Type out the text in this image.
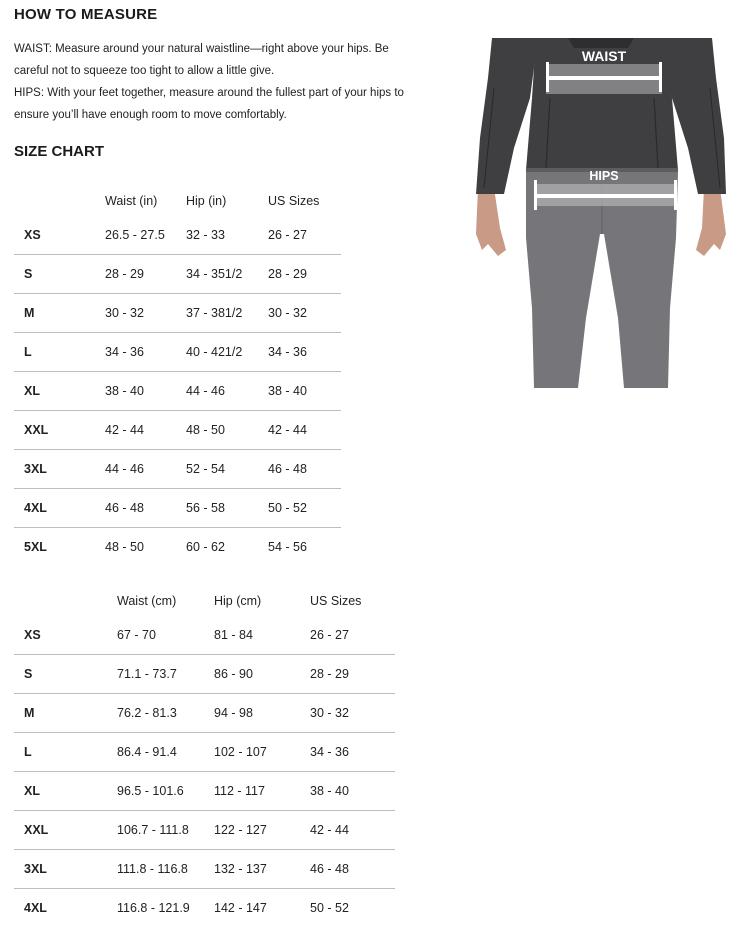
HOW TO MEASURE

WAIST: Measure around your natural waistline—right above your hips. Be careful not to squeeze too tight to allow a little give.

HIPS: With your feet together, measure around the fullest part of your hips to ensure you’ll have enough room to move comfortably.

SIZE CHART
	Waist (in)	Hip (in)	US Sizes
XS	26.5 - 27.5	32 - 33	26 - 27
S	28 - 29	34 - 351/2	28 - 29
M	30 - 32	37 - 381/2	30 - 32
L	34 - 36	40 - 421/2	34 - 36
XL	38 - 40	44 - 46	38 - 40
XXL	42 - 44	48 - 50	42 - 44
3XL	44 - 46	52 - 54	46 - 48
4XL	46 - 48	56 - 58	50 - 52
5XL	48 - 50	60 - 62	54 - 56
	Waist (cm)	Hip (cm)	US Sizes
XS	67 - 70	81 - 84	26 - 27
S	71.1 - 73.7	86 - 90	28 - 29
M	76.2 - 81.3	94 - 98	30 - 32
L	86.4 - 91.4	102 - 107	34 - 36
XL	96.5 - 101.6	112 - 117	38 - 40
XXL	106.7 - 111.8	122 - 127	42 - 44
3XL	111.8 - 116.8	132 - 137	46 - 48
4XL	116.8 - 121.9	142 - 147	50 - 52
WAIST
HIPS
